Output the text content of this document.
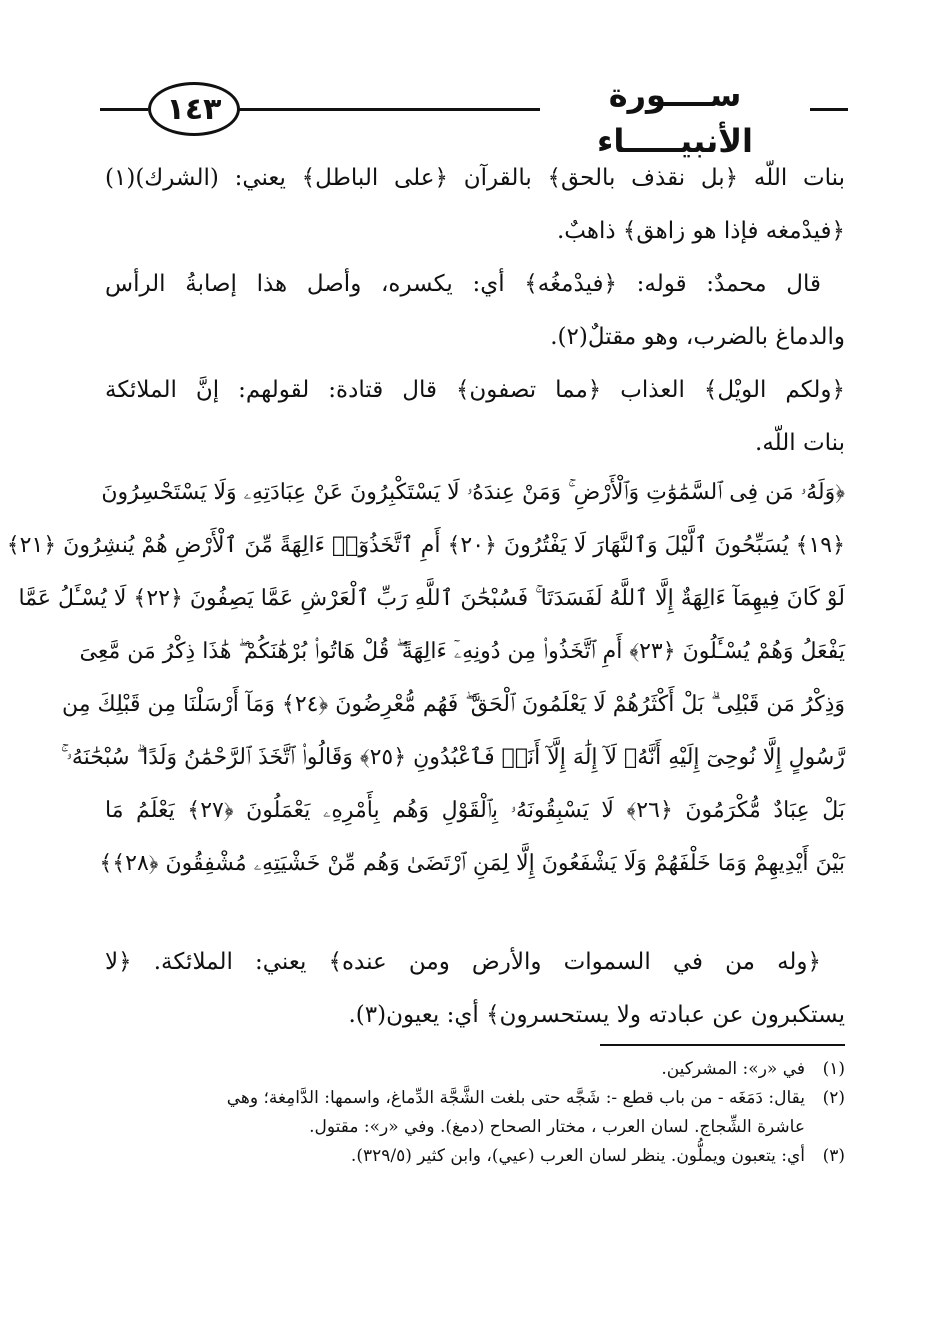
١٤٣	ســــورة الأنبيـــــاء
بنات اللّه ﴿بل نقذف بالحق﴾ بالقرآن ﴿على الباطل﴾ يعني: (الشرك)(١)
﴿فيدْمغه فإذا هو زاهق﴾ ذاهبٌ.
قال محمدٌ: قوله: ﴿فيدْمغُه﴾ أي: يكسره، وأصل هذا إصابةُ الرأس
والدماغ بالضرب، وهو مقتلٌ(٢).
﴿ولكم الويْل﴾ العذاب ﴿مما تصفون﴾ قال قتادة: لقولهم: إنَّ الملائكة
بنات اللّه.
﴿وَلَهُۥ مَن فِى ٱلسَّمَٰوَٰتِ وَٱلْأَرْضِ ۚ وَمَنْ عِندَهُۥ لَا يَسْتَكْبِرُونَ عَنْ عِبَادَتِهِۦ وَلَا يَسْتَحْسِرُونَ
﴿١٩﴾ يُسَبِّحُونَ ٱلَّيْلَ وَٱلنَّهَارَ لَا يَفْتُرُونَ ﴿٢٠﴾ أَمِ ٱتَّخَذُوٓا۟ ءَالِهَةً مِّنَ ٱلْأَرْضِ هُمْ يُنشِرُونَ ﴿٢١﴾
لَوْ كَانَ فِيهِمَآ ءَالِهَةٌ إِلَّا ٱللَّهُ لَفَسَدَتَا ۚ فَسُبْحَٰنَ ٱللَّهِ رَبِّ ٱلْعَرْشِ عَمَّا يَصِفُونَ ﴿٢٢﴾ لَا يُسْـَٔلُ عَمَّا
يَفْعَلُ وَهُمْ يُسْـَٔلُونَ ﴿٢٣﴾ أَمِ ٱتَّخَذُوا۟ مِن دُونِهِۦٓ ءَالِهَةً ۖ قُلْ هَاتُوا۟ بُرْهَٰنَكُمْ ۖ هَٰذَا ذِكْرُ مَن مَّعِىَ
وَذِكْرُ مَن قَبْلِى ۗ بَلْ أَكْثَرُهُمْ لَا يَعْلَمُونَ ٱلْحَقَّ ۖ فَهُم مُّعْرِضُونَ ﴿٢٤﴾ وَمَآ أَرْسَلْنَا مِن قَبْلِكَ مِن
رَّسُولٍ إِلَّا نُوحِىٓ إِلَيْهِ أَنَّهُۥ لَآ إِلَٰهَ إِلَّآ أَنَا۠ فَٱعْبُدُونِ ﴿٢٥﴾ وَقَالُوا۟ ٱتَّخَذَ ٱلرَّحْمَٰنُ وَلَدًا ۗ سُبْحَٰنَهُۥ ۚ
بَلْ عِبَادٌ مُّكْرَمُونَ ﴿٢٦﴾ لَا يَسْبِقُونَهُۥ بِٱلْقَوْلِ وَهُم بِأَمْرِهِۦ يَعْمَلُونَ ﴿٢٧﴾ يَعْلَمُ مَا
بَيْنَ أَيْدِيهِمْ وَمَا خَلْفَهُمْ وَلَا يَشْفَعُونَ إِلَّا لِمَنِ ٱرْتَضَىٰ وَهُم مِّنْ خَشْيَتِهِۦ مُشْفِقُونَ ﴿٢٨﴾﴾
﴿وله من في السموات والأرض ومن عنده﴾ يعني: الملائكة. ﴿لا
يستكبرون عن عبادته ولا يستحسرون﴾ أي: يعيون(٣).
(١)في «ر»: المشركين.
(٢)يقال: دَمَغَه - من باب قطع -: شَجَّه حتى بلغت الشَّجَّة الدِّماغ، واسمها: الدَّامِغة؛ وهي
عاشرة الشِّجاج. لسان العرب ، مختار الصحاح (دمغ). وفي «ر»: مقتول.
(٣)أي: يتعبون ويملُّون. ينظر لسان العرب (عيي)، وابن كثير (٣٢٩/٥).
